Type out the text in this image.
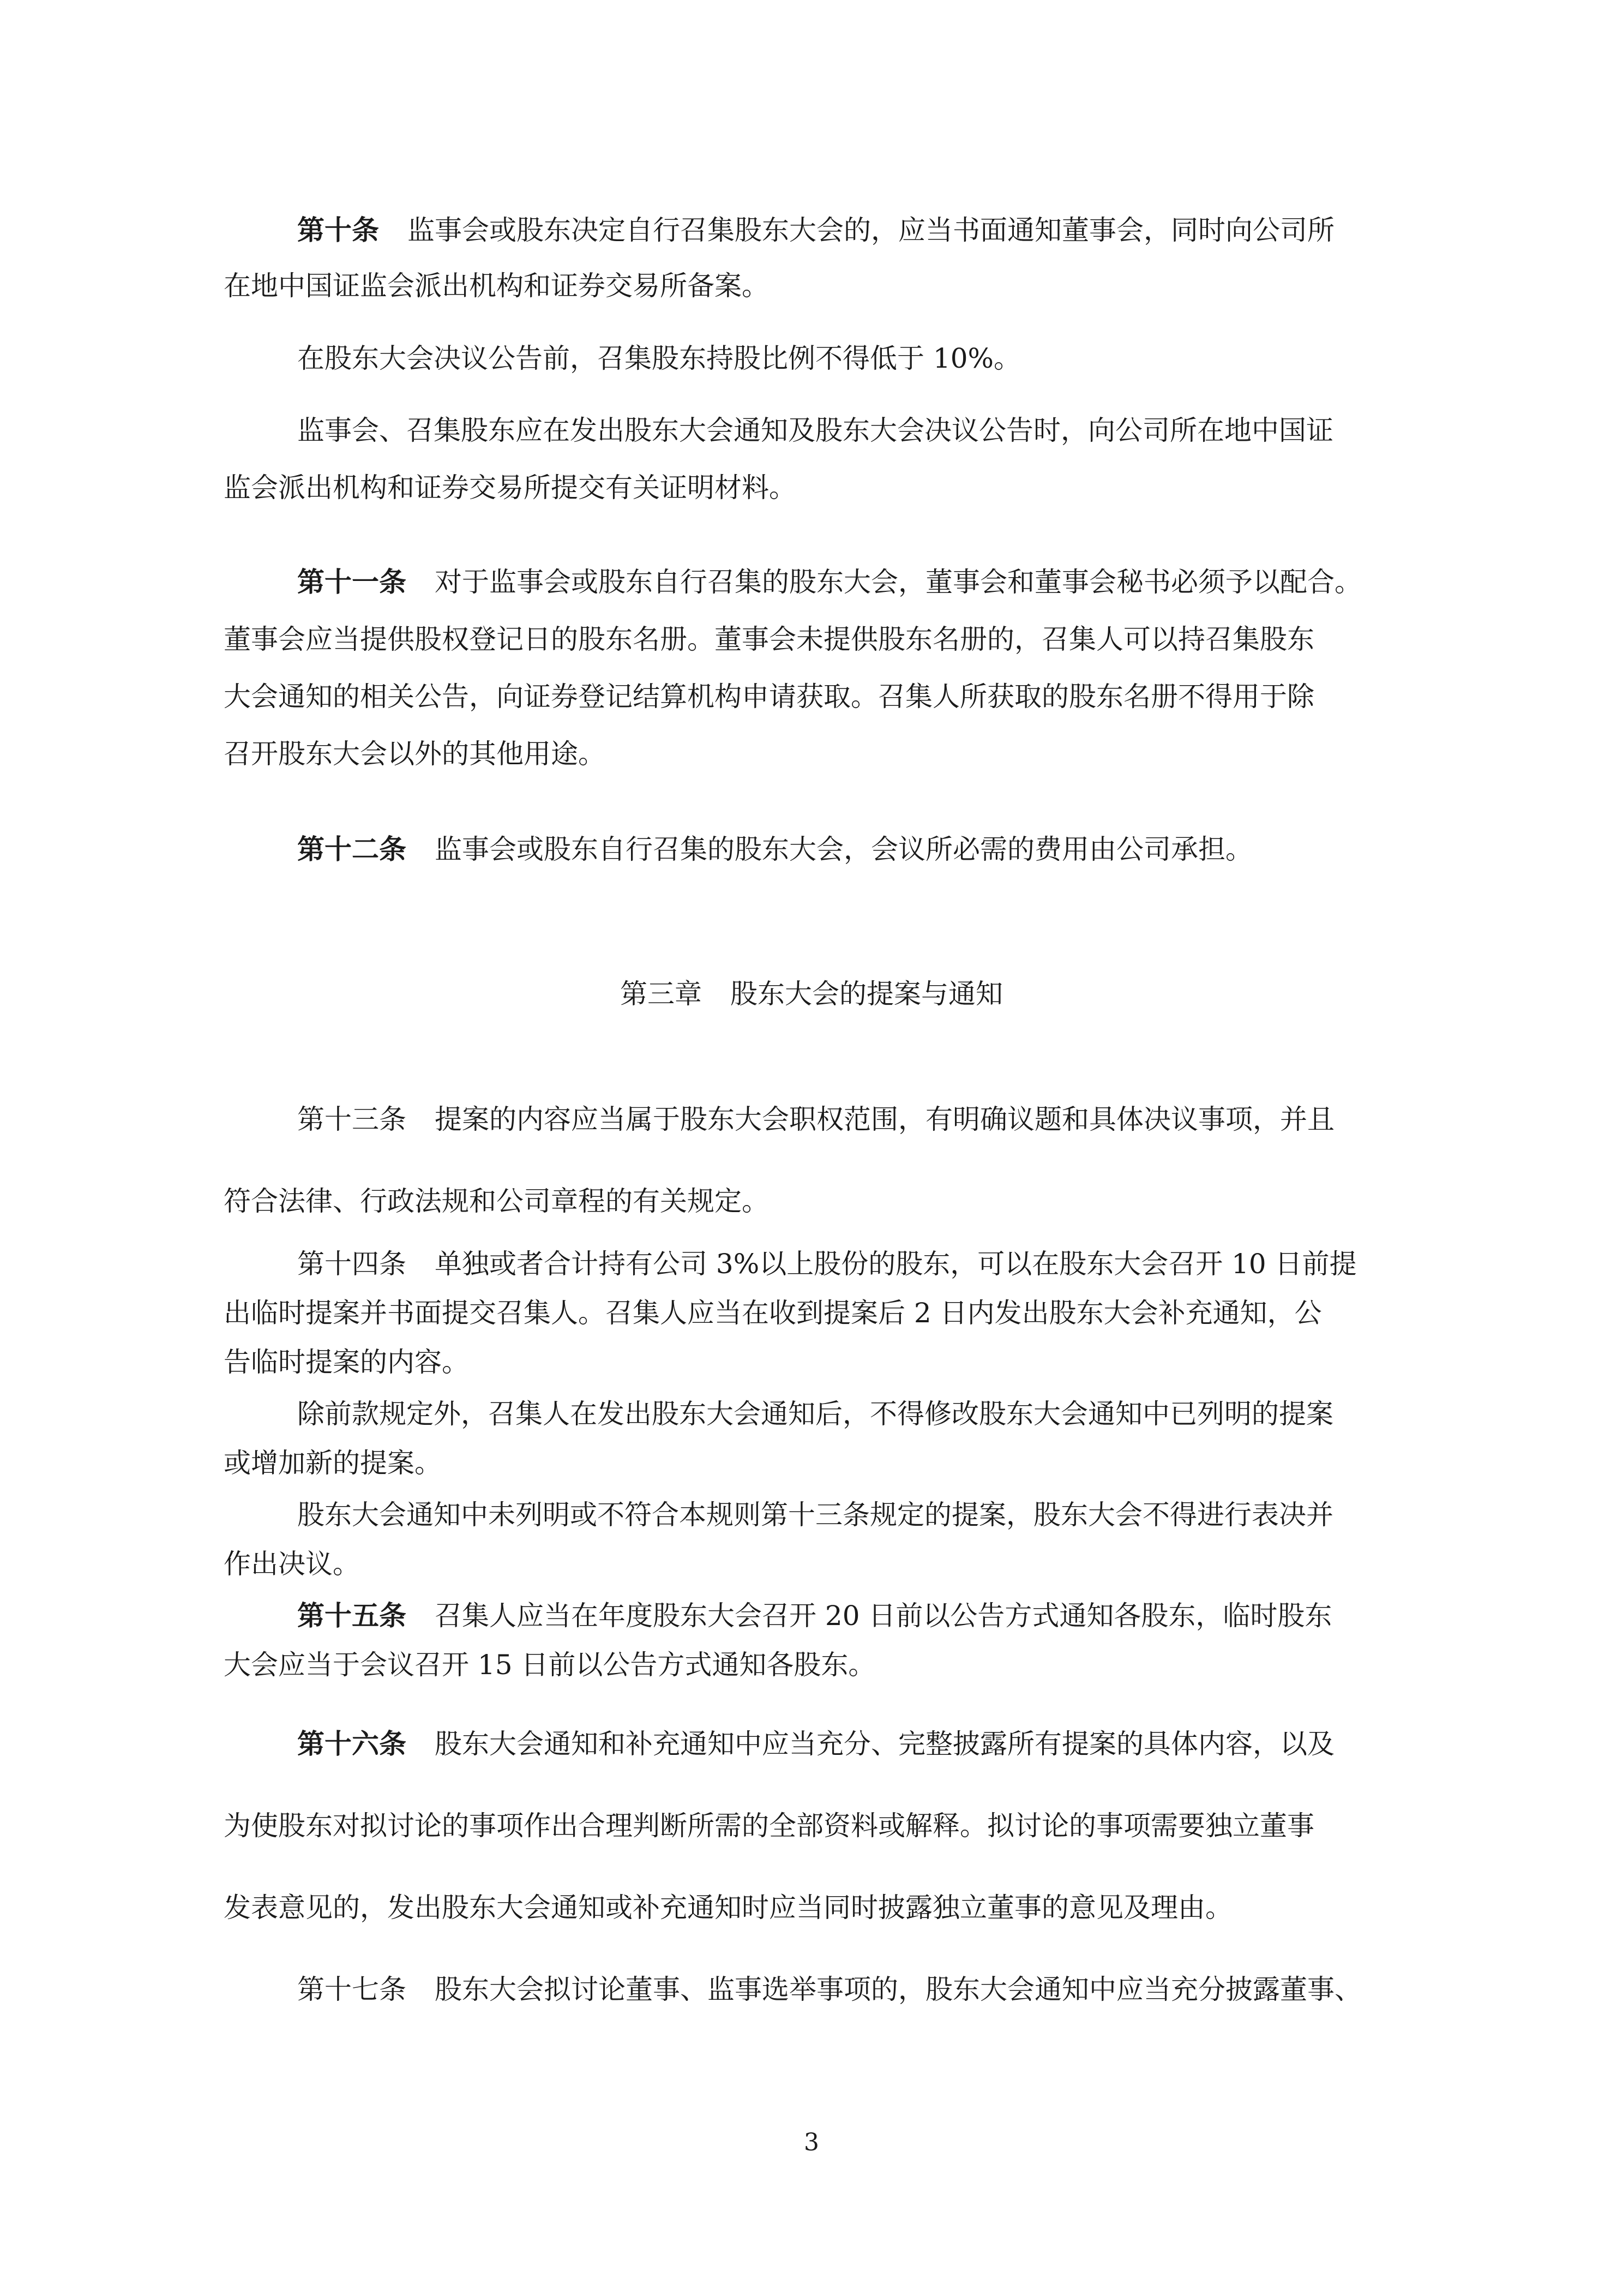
第十条 监事会或股东决定自行召集股东大会的，应当书面通知董事会，同时向公司所

在地中国证监会派出机构和证券交易所备案。

在股东大会决议公告前，召集股东持股比例不得低于 10%。

监事会、召集股东应在发出股东大会通知及股东大会决议公告时，向公司所在地中国证

监会派出机构和证券交易所提交有关证明材料。

第十一条 对于监事会或股东自行召集的股东大会，董事会和董事会秘书必须予以配合。

董事会应当提供股权登记日的股东名册。董事会未提供股东名册的，召集人可以持召集股东

大会通知的相关公告，向证券登记结算机构申请获取。召集人所获取的股东名册不得用于除

召开股东大会以外的其他用途。

第十二条 监事会或股东自行召集的股东大会，会议所必需的费用由公司承担。

第三章 股东大会的提案与通知

第十三条 提案的内容应当属于股东大会职权范围，有明确议题和具体决议事项，并且

符合法律、行政法规和公司章程的有关规定。

第十四条 单独或者合计持有公司 3%以上股份的股东，可以在股东大会召开 10 日前提

出临时提案并书面提交召集人。召集人应当在收到提案后 2 日内发出股东大会补充通知，公

告临时提案的内容。

除前款规定外，召集人在发出股东大会通知后，不得修改股东大会通知中已列明的提案

或增加新的提案。

股东大会通知中未列明或不符合本规则第十三条规定的提案，股东大会不得进行表决并

作出决议。

第十五条 召集人应当在年度股东大会召开 20 日前以公告方式通知各股东，临时股东

大会应当于会议召开 15 日前以公告方式通知各股东。

第十六条 股东大会通知和补充通知中应当充分、完整披露所有提案的具体内容，以及

为使股东对拟讨论的事项作出合理判断所需的全部资料或解释。拟讨论的事项需要独立董事

发表意见的，发出股东大会通知或补充通知时应当同时披露独立董事的意见及理由。

第十七条 股东大会拟讨论董事、监事选举事项的，股东大会通知中应当充分披露董事、

3
